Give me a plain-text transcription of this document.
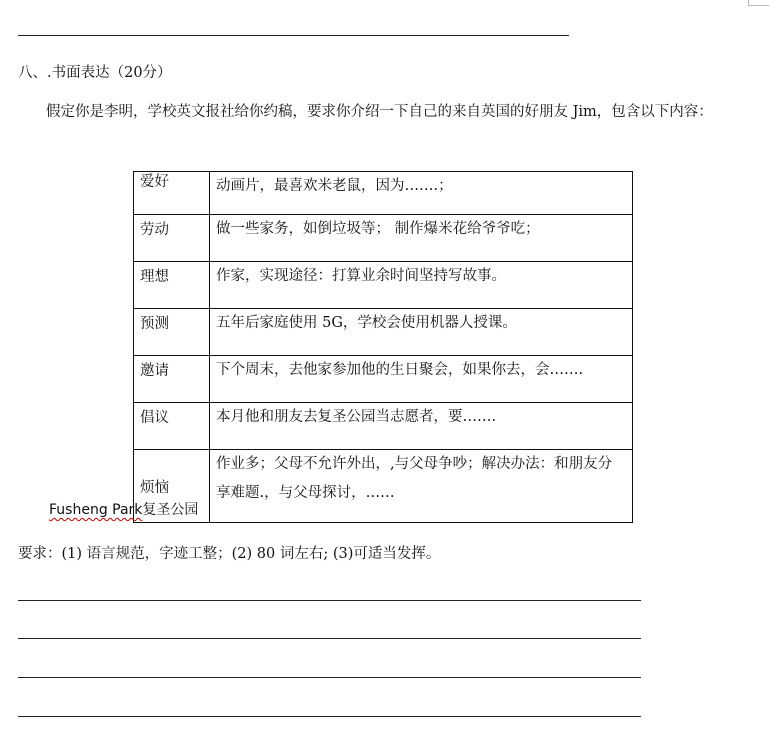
八、.书面表达（20分）
假定你是李明，学校英文报社给你约稿，要求你介绍一下自己的来自英国的好朋友 Jim，包含以下内容：
爱好	动画片，最喜欢米老鼠，因为…….；
劳动	做一些家务，如倒垃圾等； 制作爆米花给爷爷吃；
理想	作家，实现途径：打算业余时间坚持写故事。
预测	五年后家庭使用 5G，学校会使用机器人授课。
邀请	下个周末，去他家参加他的生日聚会，如果你去，会…….
倡议	本月他和朋友去复圣公园当志愿者，要…….
烦恼	作业多；父母不允许外出，,与父母争吵；解决办法：和朋友分享难题.，与父母探讨，……
Fusheng Park复圣公园
要求：(1) 语言规范，字迹工整；(2) 80 词左右; (3)可适当发挥。
